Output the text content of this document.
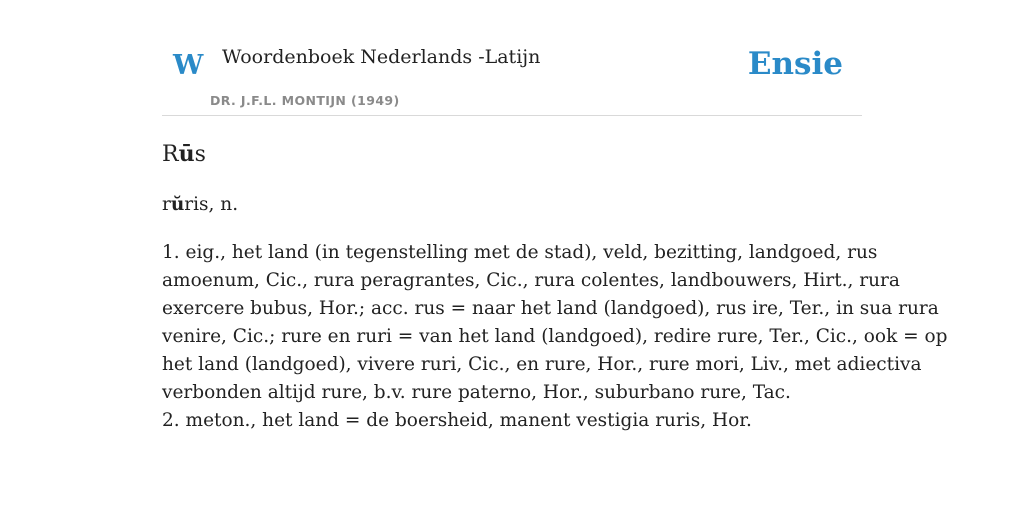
W Woordenboek Nederlands -Latijn
DR. J.F.L. MONTIJN (1949)
Ensie
Rūs
rŭris, n.
1. eig., het land (in tegenstelling met de stad), veld, bezitting, landgoed, rus
amoenum, Cic., rura peragrantes, Cic., rura colentes, landbouwers, Hirt., rura
exercere bubus, Hor.; acc. rus = naar het land (landgoed), rus ire, Ter., in sua rura
venire, Cic.; rure en ruri = van het land (landgoed), redire rure, Ter., Cic., ook = op
het land (landgoed), vivere ruri, Cic., en rure, Hor., rure mori, Liv., met adiectiva
verbonden altijd rure, b.v. rure paterno, Hor., suburbano rure, Tac.
2. meton., het land = de boersheid, manent vestigia ruris, Hor.
